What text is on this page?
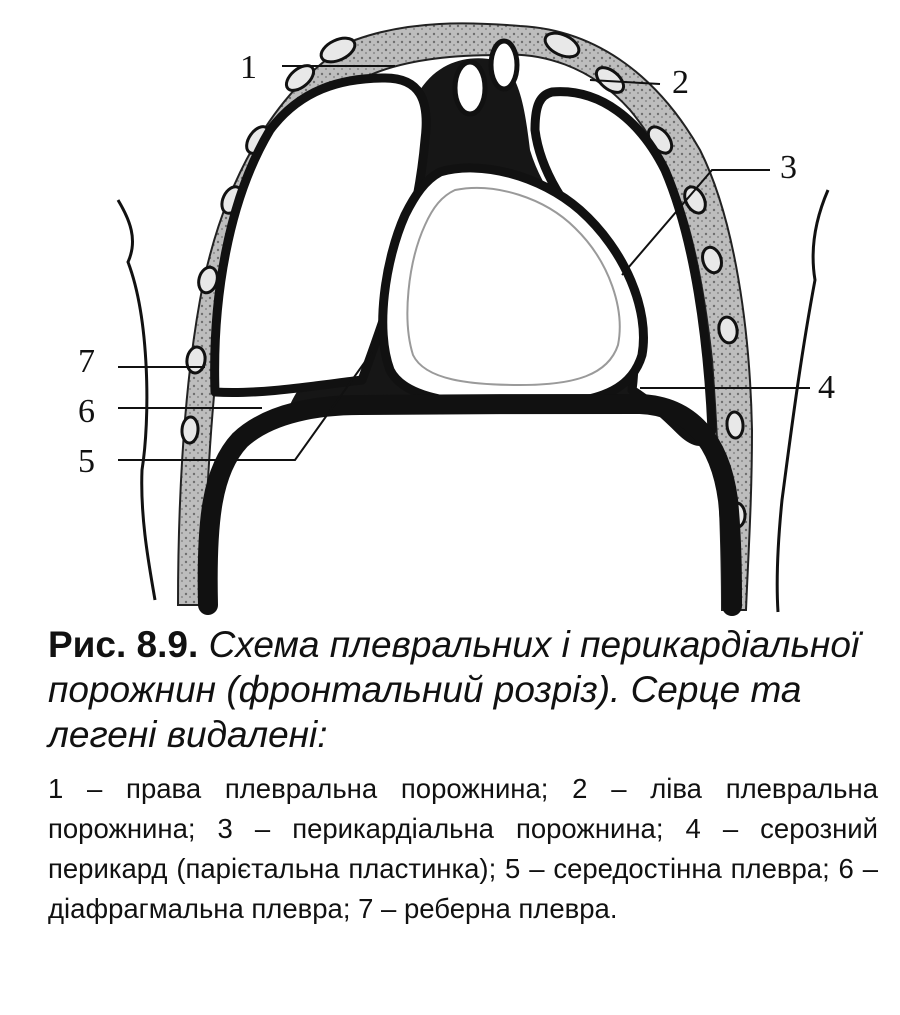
1	2
3
4
5
6
7

Рис. 8.9. Схема плевральних і перикардіальної порожнин (фронтальний розріз). Серце та легені видалені:

1 – права плевральна порожнина; 2 – ліва плевральна порожнина; 3 – перикардіальна порожнина; 4 – серозний перикард (парієтальна пластинка); 5 – середостінна плевра; 6 – діафрагмальна плевра; 7 – реберна плевра.
